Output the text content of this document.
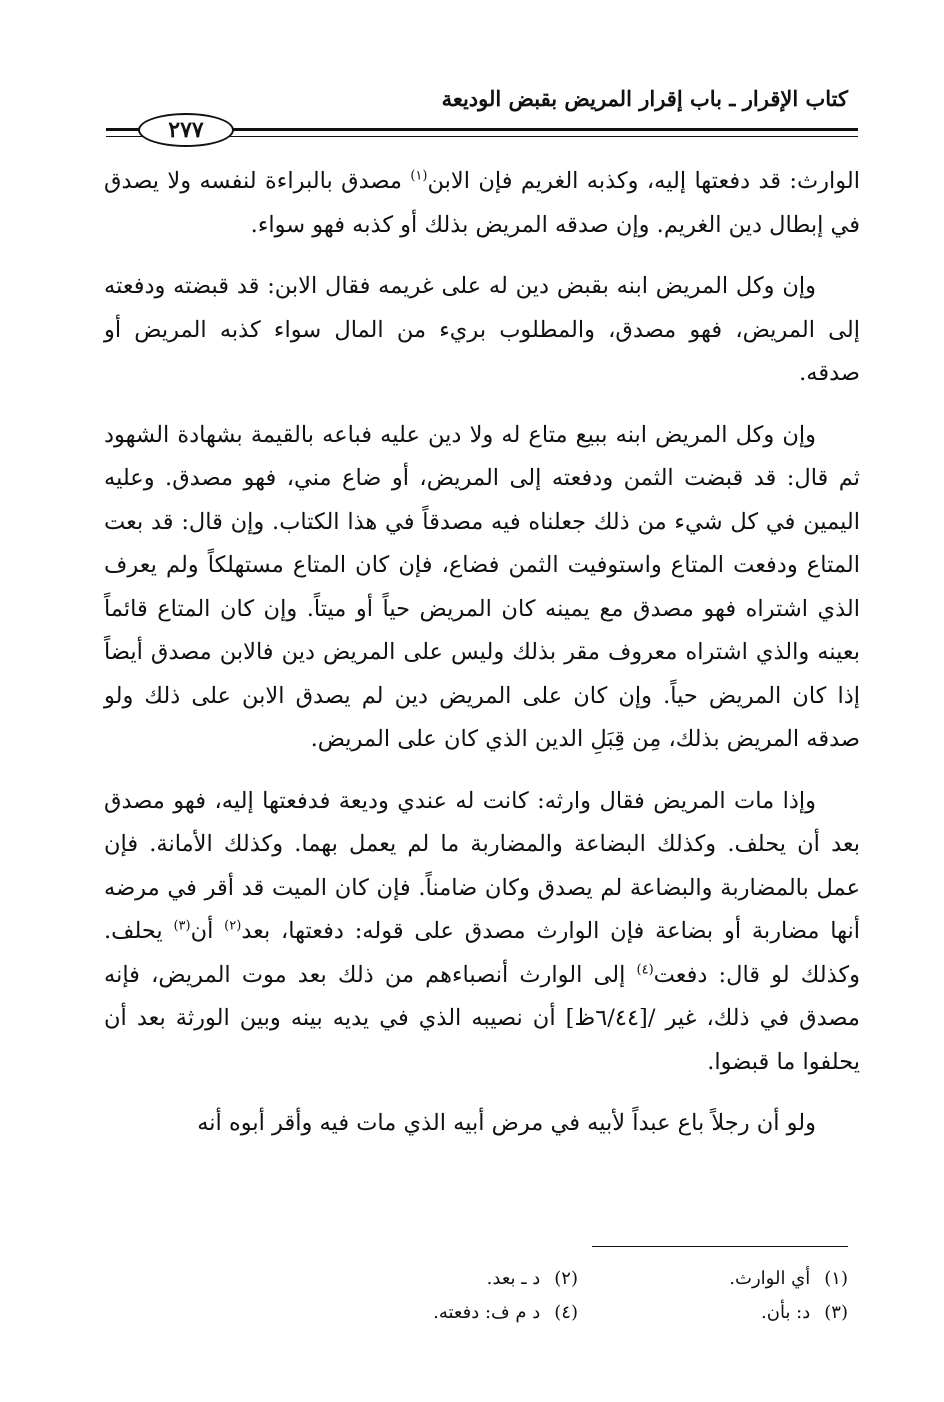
كتاب الإقرار ـ باب إقرار المريض بقبض الوديعة
٢٧٧

الوارث: قد دفعتها إليه، وكذبه الغريم فإن الابن$^{(١)}$ مصدق بالبراءة لنفسه ولا يصدق في إبطال دين الغريم. وإن صدقه المريض بذلك أو كذبه فهو سواء.

وإن وكل المريض ابنه بقبض دين له على غريمه فقال الابن: قد قبضته ودفعته إلى المريض، فهو مصدق، والمطلوب بريء من المال سواء كذبه المريض أو صدقه.

وإن وكل المريض ابنه ببيع متاع له ولا دين عليه فباعه بالقيمة بشهادة الشهود ثم قال: قد قبضت الثمن ودفعته إلى المريض، أو ضاع مني، فهو مصدق. وعليه اليمين في كل شيء من ذلك جعلناه فيه مصدقاً في هذا الكتاب. وإن قال: قد بعت المتاع ودفعت المتاع واستوفيت الثمن فضاع، فإن كان المتاع مستهلكاً ولم يعرف الذي اشتراه فهو مصدق مع يمينه كان المريض حياً أو ميتاً. وإن كان المتاع قائماً بعينه والذي اشتراه معروف مقر بذلك وليس على المريض دين فالابن مصدق أيضاً إذا كان المريض حياً. وإن كان على المريض دين لم يصدق الابن على ذلك ولو صدقه المريض بذلك، مِن قِبَلِ الدين الذي كان على المريض.

وإذا مات المريض فقال وارثه: كانت له عندي وديعة فدفعتها إليه، فهو مصدق بعد أن يحلف. وكذلك البضاعة والمضاربة ما لم يعمل بهما. وكذلك الأمانة. فإن عمل بالمضاربة والبضاعة لم يصدق وكان ضامناً. فإن كان الميت قد أقر في مرضه أنها مضاربة أو بضاعة فإن الوارث مصدق على قوله: دفعتها، بعد$^{(٢)}$ أن$^{(٣)}$ يحلف. وكذلك لو قال: دفعت$^{(٤)}$ إلى الوارث أنصباءهم من ذلك بعد موت المريض، فإنه مصدق في ذلك، غير /[٦/٤٤ظ] أن نصيبه الذي في يديه بينه وبين الورثة بعد أن يحلفوا ما قبضوا.

ولو أن رجلاً باع عبداً لأبيه في مرض أبيه الذي مات فيه وأقر أبوه أنه

(١)أي الوارث.
(٢)د ـ بعد.
(٣)د: بأن.
(٤)د م ف: دفعته.
